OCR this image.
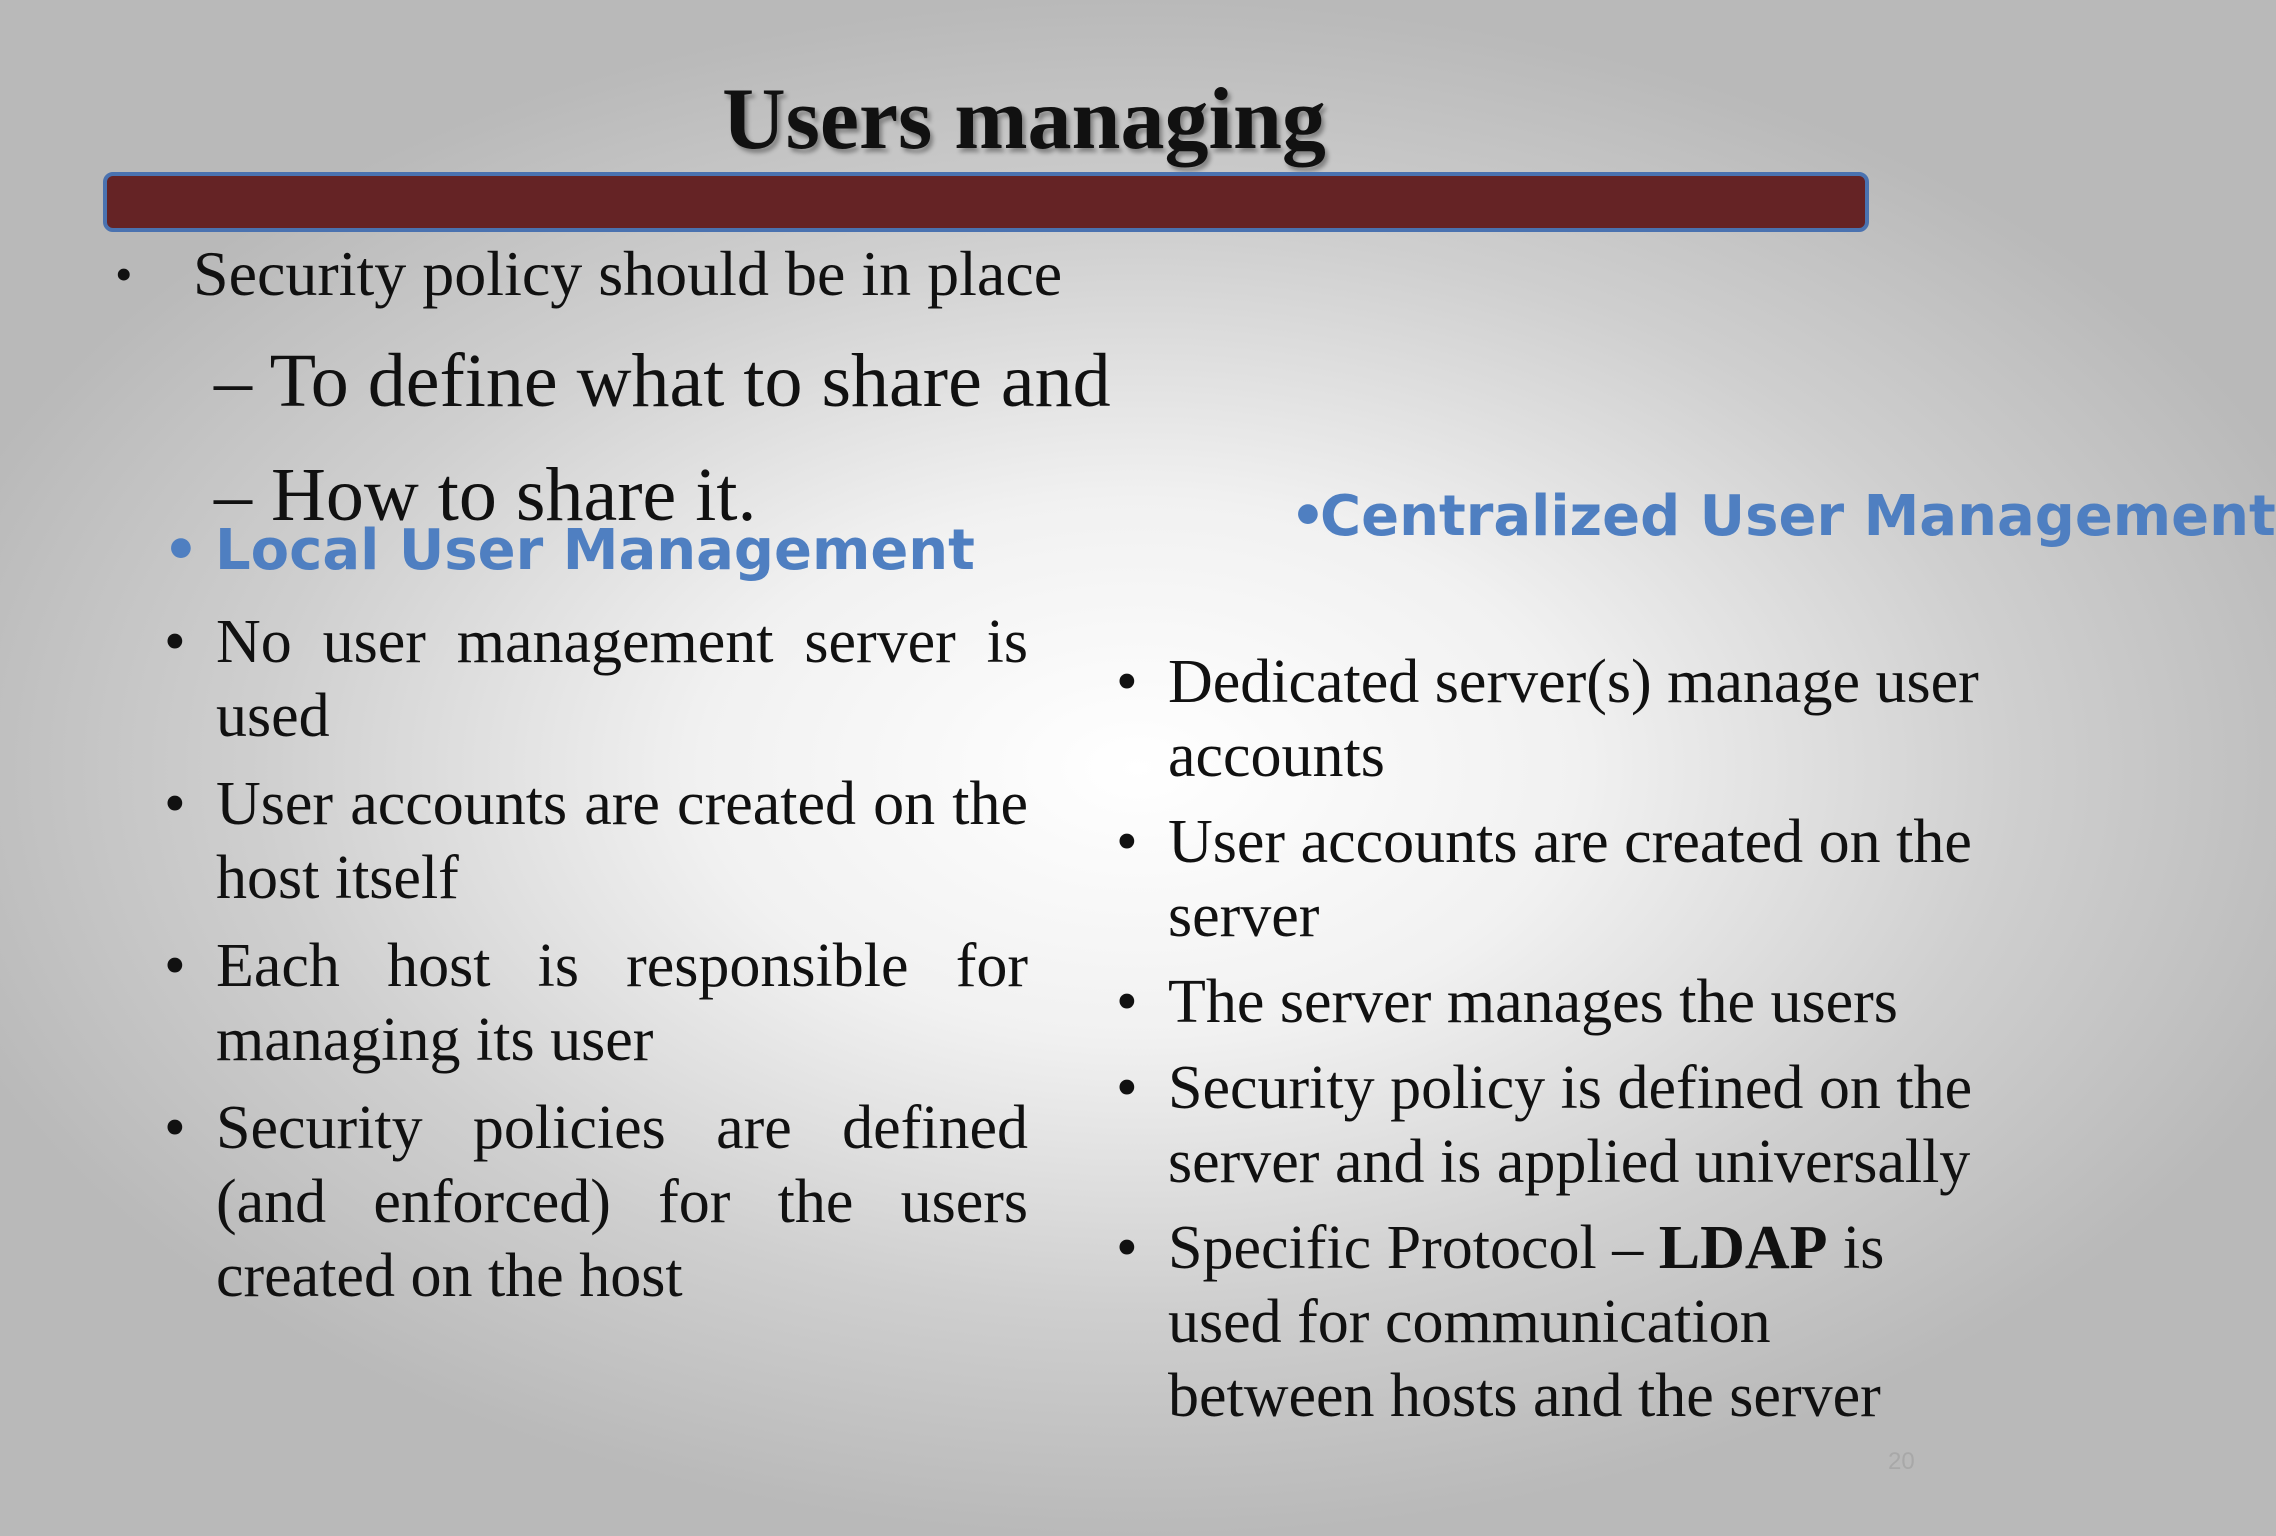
Users managing
• Security policy should be in place
– To define what to share and
– How to share it.
• Local User Management
•
Centralized User Management
• No user management server is used
• User accounts are created on the host itself
• Each host is responsible for managing its user
• Security policies are defined (and enforced) for the users created on the host
• Dedicated server(s) manage user accounts
• User accounts are created on the server
• The server manages the users
• Security policy is defined on the server and is applied universally
• Specific Protocol – LDAP is used for communication between hosts and the server
20
